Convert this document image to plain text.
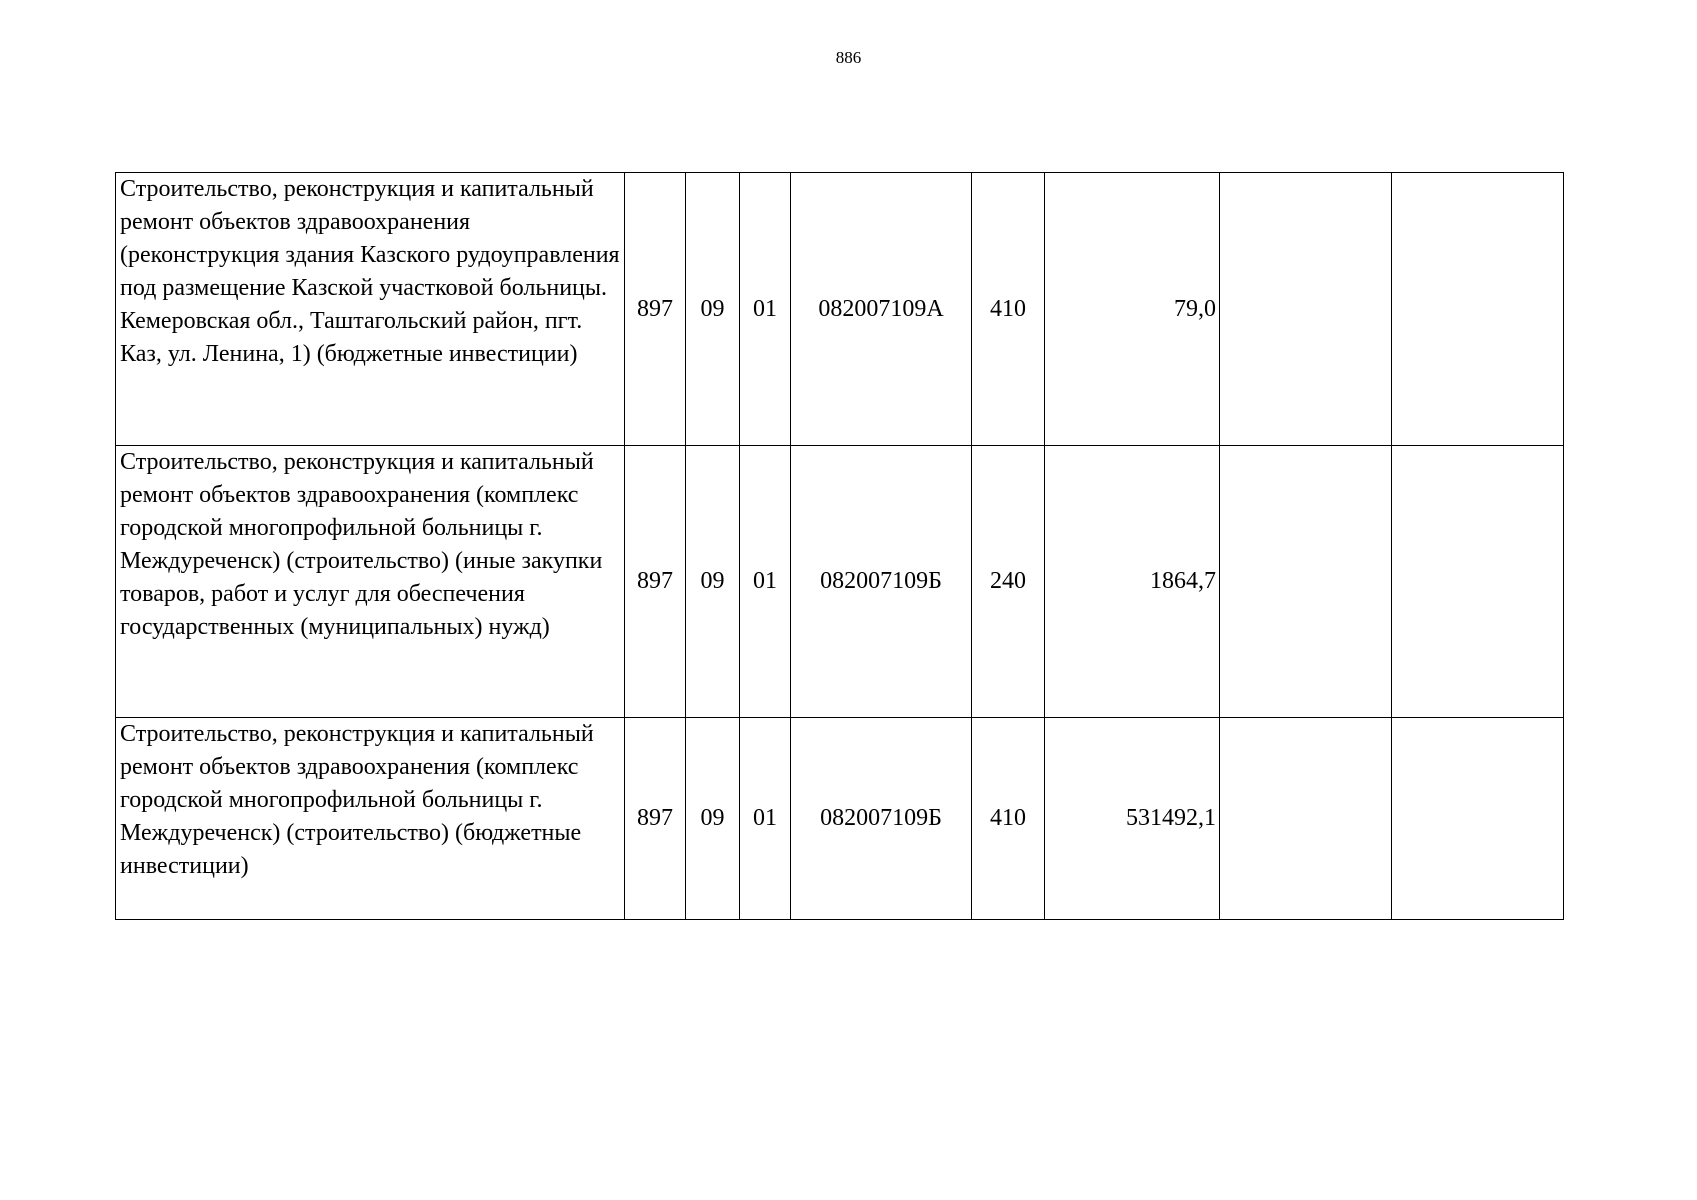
886
Строительство, реконструкция и капитальный ремонт объектов здравоохранения (реконструкция здания Казского рудоуправления под размещение Казской участковой больницы. Кемеровская обл., Таштагольский район, пгт. Каз, ул. Ленина, 1) (бюджетные инвестиции)	897	09	01	082007109А	410	79,0		
Строительство, реконструкция и капитальный ремонт объектов здравоохранения (комплекс городской многопрофильной больницы г. Междуреченск) (строительство) (иные закупки товаров, работ и услуг для обеспечения государственных (муниципальных) нужд)	897	09	01	082007109Б	240	1864,7		
Строительство, реконструкция и капитальный ремонт объектов здравоохранения (комплекс городской многопрофильной больницы г. Междуреченск) (строительство) (бюджетные инвестиции)	897	09	01	082007109Б	410	531492,1		
